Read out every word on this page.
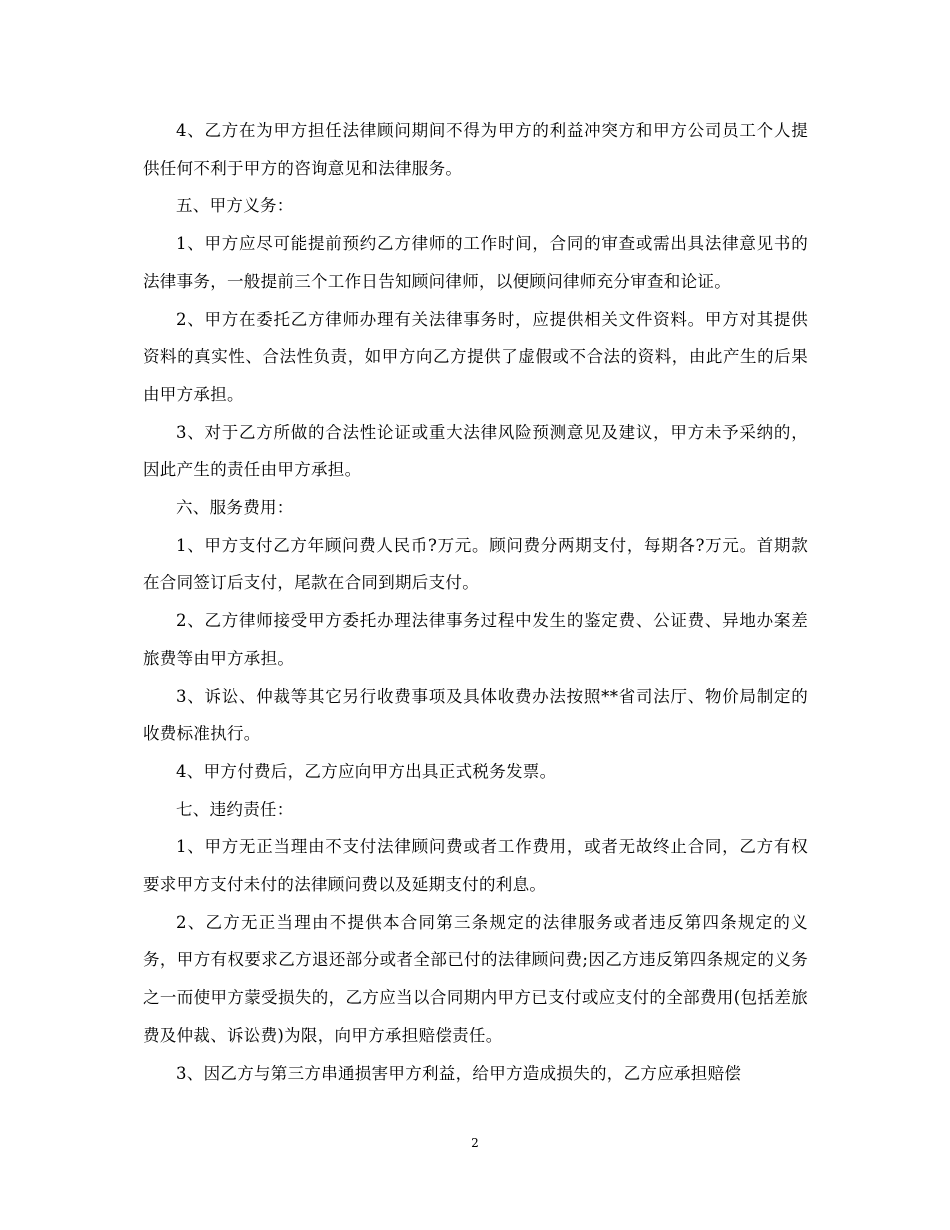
4、乙方在为甲方担任法律顾问期间不得为甲方的利益冲突方和甲方公司员工个人提供任何不利于甲方的咨询意见和法律服务。

五、甲方义务：

1、甲方应尽可能提前预约乙方律师的工作时间，合同的审查或需出具法律意见书的法律事务，一般提前三个工作日告知顾问律师，以便顾问律师充分审查和论证。

2、甲方在委托乙方律师办理有关法律事务时，应提供相关文件资料。甲方对其提供资料的真实性、合法性负责，如甲方向乙方提供了虚假或不合法的资料，由此产生的后果由甲方承担。

3、对于乙方所做的合法性论证或重大法律风险预测意见及建议，甲方未予采纳的，因此产生的责任由甲方承担。

六、服务费用：

1、甲方支付乙方年顾问费人民币?万元。顾问费分两期支付，每期各?万元。首期款在合同签订后支付，尾款在合同到期后支付。

2、乙方律师接受甲方委托办理法律事务过程中发生的鉴定费、公证费、异地办案差旅费等由甲方承担。

3、诉讼、仲裁等其它另行收费事项及具体收费办法按照**省司法厅、物价局制定的收费标准执行。

4、甲方付费后，乙方应向甲方出具正式税务发票。

七、违约责任：

1、甲方无正当理由不支付法律顾问费或者工作费用，或者无故终止合同，乙方有权要求甲方支付未付的法律顾问费以及延期支付的利息。

2、乙方无正当理由不提供本合同第三条规定的法律服务或者违反第四条规定的义务，甲方有权要求乙方退还部分或者全部已付的法律顾问费;因乙方违反第四条规定的义务之一而使甲方蒙受损失的，乙方应当以合同期内甲方已支付或应支付的全部费用(包括差旅费及仲裁、诉讼费)为限，向甲方承担赔偿责任。

3、因乙方与第三方串通损害甲方利益，给甲方造成损失的，乙方应承担赔偿

2
